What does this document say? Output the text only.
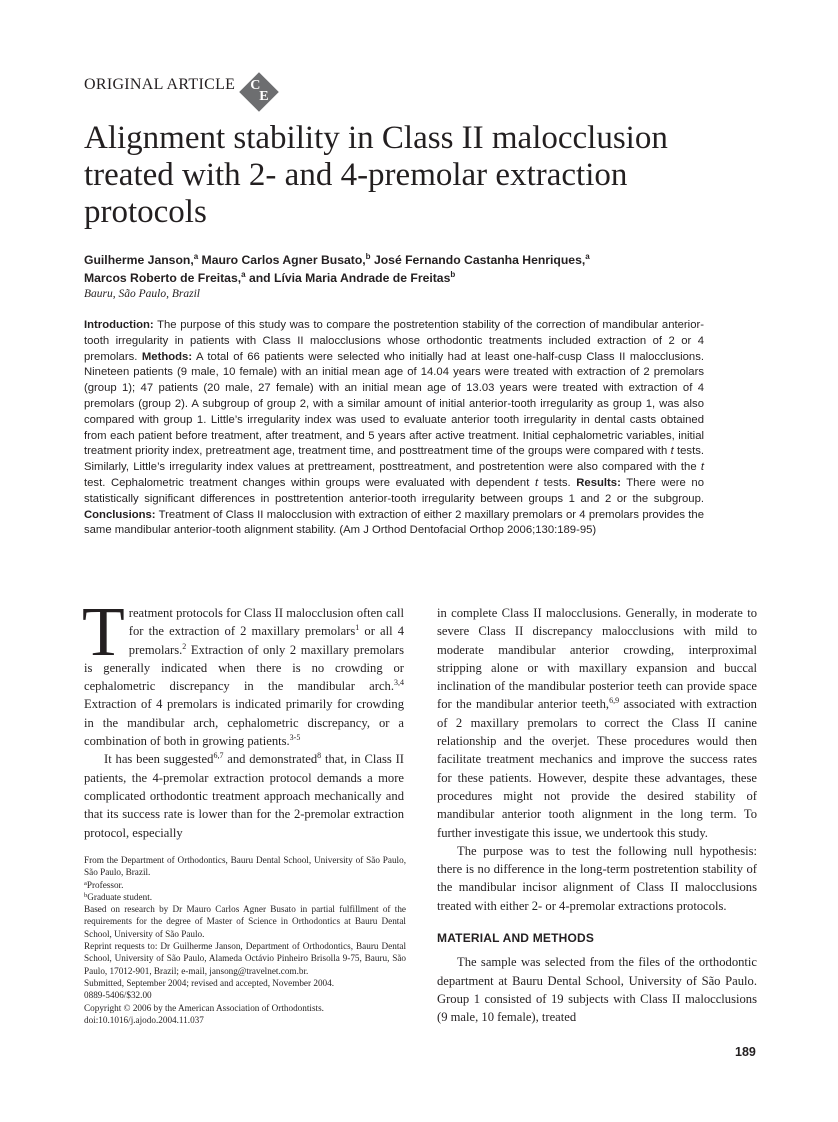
ORIGINAL ARTICLE C
E
Alignment stability in Class II malocclusion
treated with 2- and 4-premolar extraction
protocols
Guilherme Janson,$^a$ Mauro Carlos Agner Busato,$^b$ José Fernando Castanha Henriques,$^a$
Marcos Roberto de Freitas,$^a$ and Lívia Maria Andrade de Freitas$^b$
Bauru, São Paulo, Brazil
Introduction: The purpose of this study was to compare the postretention stability of the correction of mandibular anterior-tooth irregularity in patients with Class II malocclusions whose orthodontic treatments included extraction of 2 or 4 premolars. Methods: A total of 66 patients were selected who initially had at least one-half-cusp Class II malocclusions. Nineteen patients (9 male, 10 female) with an initial mean age of 14.04 years were treated with extraction of 2 premolars (group 1); 47 patients (20 male, 27 female) with an initial mean age of 13.03 years were treated with extraction of 4 premolars (group 2). A subgroup of group 2, with a similar amount of initial anterior-tooth irregularity as group 1, was also compared with group 1. Little’s irregularity index was used to evaluate anterior tooth irregularity in dental casts obtained from each patient before treatment, after treatment, and 5 years after active treatment. Initial cephalometric variables, initial treatment priority index, pretreatment age, treatment time, and posttreatment time of the groups were compared with t tests. Similarly, Little’s irregularity index values at prettreament, posttreatment, and postretention were also compared with the t test. Cephalometric treatment changes within groups were evaluated with dependent t tests. Results: There were no statistically significant differences in posttretention anterior-tooth irregularity between groups 1 and 2 or the subgroup. Conclusions: Treatment of Class II malocclusion with extraction of either 2 maxillary premolars or 4 premolars provides the same mandibular anterior-tooth alignment stability. (Am J Orthod Dentofacial Orthop 2006;130:189-95)

Treatment protocols for Class II malocclusion often call for the extraction of 2 maxillary premolars$^1$ or all 4 premolars.$^2$ Extraction of only 2 maxillary premolars is generally indicated when there is no crowding or cephalometric discrepancy in the mandibular arch.$^{3,4}$ Extraction of 4 premolars is indicated primarily for crowding in the mandibular arch, cephalometric discrepancy, or a combination of both in growing patients.$^{3-5}$

It has been suggested$^{6,7}$ and demonstrated$^8$ that, in Class II patients, the 4-premolar extraction protocol demands a more complicated orthodontic treatment approach mechanically and that its success rate is lower than for the 2-premolar extraction protocol, especially

From the Department of Orthodontics, Bauru Dental School, University of São Paulo, São Paulo, Brazil.

$^a$Professor.

$^b$Graduate student.

Based on research by Dr Mauro Carlos Agner Busato in partial fulfillment of the requirements for the degree of Master of Science in Orthodontics at Bauru Dental School, University of São Paulo.

Reprint requests to: Dr Guilherme Janson, Department of Orthodontics, Bauru Dental School, University of São Paulo, Alameda Octávio Pinheiro Brisolla 9-75, Bauru, São Paulo, 17012-901, Brazil; e-mail, jansong@travelnet.com.br.

Submitted, September 2004; revised and accepted, November 2004.

0889-5406/$32.00

Copyright © 2006 by the American Association of Orthodontists.

doi:10.1016/j.ajodo.2004.11.037

in complete Class II malocclusions. Generally, in moderate to severe Class II discrepancy malocclusions with mild to moderate mandibular anterior crowding, interproximal stripping alone or with maxillary expansion and buccal inclination of the mandibular posterior teeth can provide space for the mandibular anterior teeth,$^{6,9}$ associated with extraction of 2 maxillary premolars to correct the Class II canine relationship and the overjet. These procedures would then facilitate treatment mechanics and improve the success rates for these patients. However, despite these advantages, these procedures might not provide the desired stability of mandibular anterior tooth alignment in the long term. To further investigate this issue, we undertook this study.

The purpose was to test the following null hypothesis: there is no difference in the long-term postretention stability of the mandibular incisor alignment of Class II malocclusions treated with either 2- or 4-premolar extractions protocols.

MATERIAL AND METHODS

The sample was selected from the files of the orthodontic department at Bauru Dental School, University of São Paulo. Group 1 consisted of 19 subjects with Class II malocclusions (9 male, 10 female), treated

189
